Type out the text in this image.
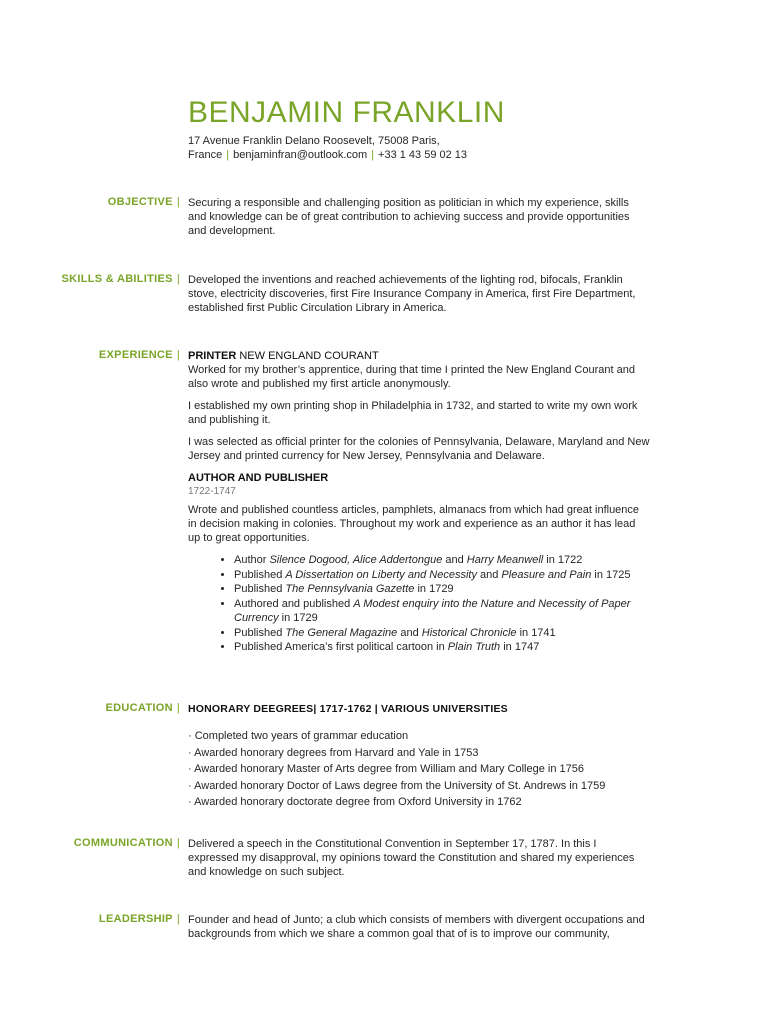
BENJAMIN FRANKLIN
17 Avenue Franklin Delano Roosevelt, 75008 Paris,
France | benjaminfran@outlook.com | +33 1 43 59 02 13
OBJECTIVE | Securing a responsible and challenging position as politician in which my experience, skills and knowledge can be of great contribution to achieving success and provide opportunities and development.
SKILLS & ABILITIES | Developed the inventions and reached achievements of the lighting rod, bifocals, Franklin stove, electricity discoveries, first Fire Insurance Company in America, first Fire Department, established first Public Circulation Library in America.
EXPERIENCE | PRINTER NEW ENGLAND COURANT

Worked for my brother’s apprentice, during that time I printed the New England Courant and also wrote and published my first article anonymously.

I established my own printing shop in Philadelphia in 1732, and started to write my own work and publishing it.

I was selected as official printer for the colonies of Pennsylvania, Delaware, Maryland and New Jersey and printed currency for New Jersey, Pennsylvania and Delaware.

AUTHOR AND PUBLISHER
1722-1747
Wrote and published countless articles, pamphlets, almanacs from which had great influence in decision making in colonies. Throughout my work and experience as an author it has lead up to great opportunities.
• Author Silence Dogood, Alice Addertongue and Harry Meanwell in 1722
• Published A Dissertation on Liberty and Necessity and Pleasure and Pain in 1725
• Published The Pennsylvania Gazette in 1729
• Authored and published A Modest enquiry into the Nature and Necessity of Paper Currency in 1729
• Published The General Magazine and Historical Chronicle in 1741
• Published America’s first political cartoon in Plain Truth in 1747
EDUCATION | HONORARY DEEGREES| 1717-1762 | VARIOUS UNIVERSITIES
· Completed two years of grammar education
· Awarded honorary degrees from Harvard and Yale in 1753
· Awarded honorary Master of Arts degree from William and Mary College in 1756
· Awarded honorary Doctor of Laws degree from the University of St. Andrews in 1759
· Awarded honorary doctorate degree from Oxford University in 1762
COMMUNICATION | Delivered a speech in the Constitutional Convention in September 17, 1787. In this I expressed my disapproval, my opinions toward the Constitution and shared my experiences and knowledge on such subject.
LEADERSHIP | Founder and head of Junto; a club which consists of members with divergent occupations and backgrounds from which we share a common goal that of is to improve our community,
